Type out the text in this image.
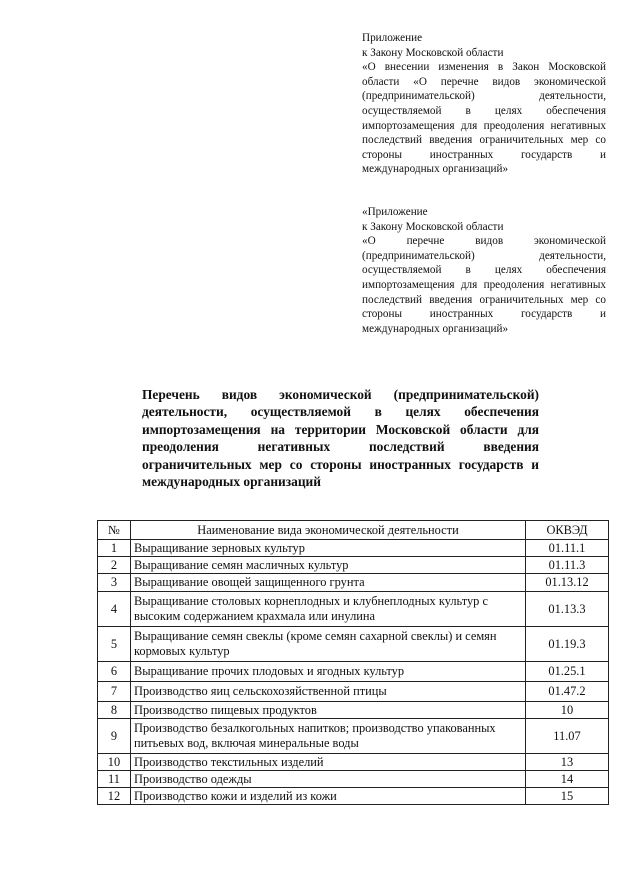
Приложение

к Закону Московской области

«О внесении изменения в Закон Московской области «О перечне видов экономической (предпринимательской) деятельности, осуществляемой в целях обеспечения импортозамещения для преодоления негативных последствий введения ограничительных мер со стороны иностранных государств и международных организаций»

«Приложение

к Закону Московской области

«О перечне видов экономической (предпринимательской) деятельности, осуществляемой в целях обеспечения импортозамещения для преодоления негативных последствий введения ограничительных мер со стороны иностранных государств и международных организаций»

Перечень видов экономической (предпринимательской) деятельности, осуществляемой в целях обеспечения импортозамещения на территории Московской области для преодоления негативных последствий введения ограничительных мер со стороны иностранных государств и международных организаций

№	Наименование вида экономической деятельности	ОКВЭД
1	Выращивание зерновых культур	01.11.1
2	Выращивание семян масличных культур	01.11.3
3	Выращивание овощей защищенного грунта	01.13.12
4	Выращивание столовых корнеплодных и клубнеплодных культур с высоким содержанием крахмала или инулина	01.13.3
5	Выращивание семян свеклы (кроме семян сахарной свеклы) и семян кормовых культур	01.19.3
6	Выращивание прочих плодовых и ягодных культур	01.25.1
7	Производство яиц сельскохозяйственной птицы	01.47.2
8	Производство пищевых продуктов	10
9	Производство безалкогольных напитков; производство упакованных питьевых вод, включая минеральные воды	11.07
10	Производство текстильных изделий	13
11	Производство одежды	14
12	Производство кожи и изделий из кожи	15
